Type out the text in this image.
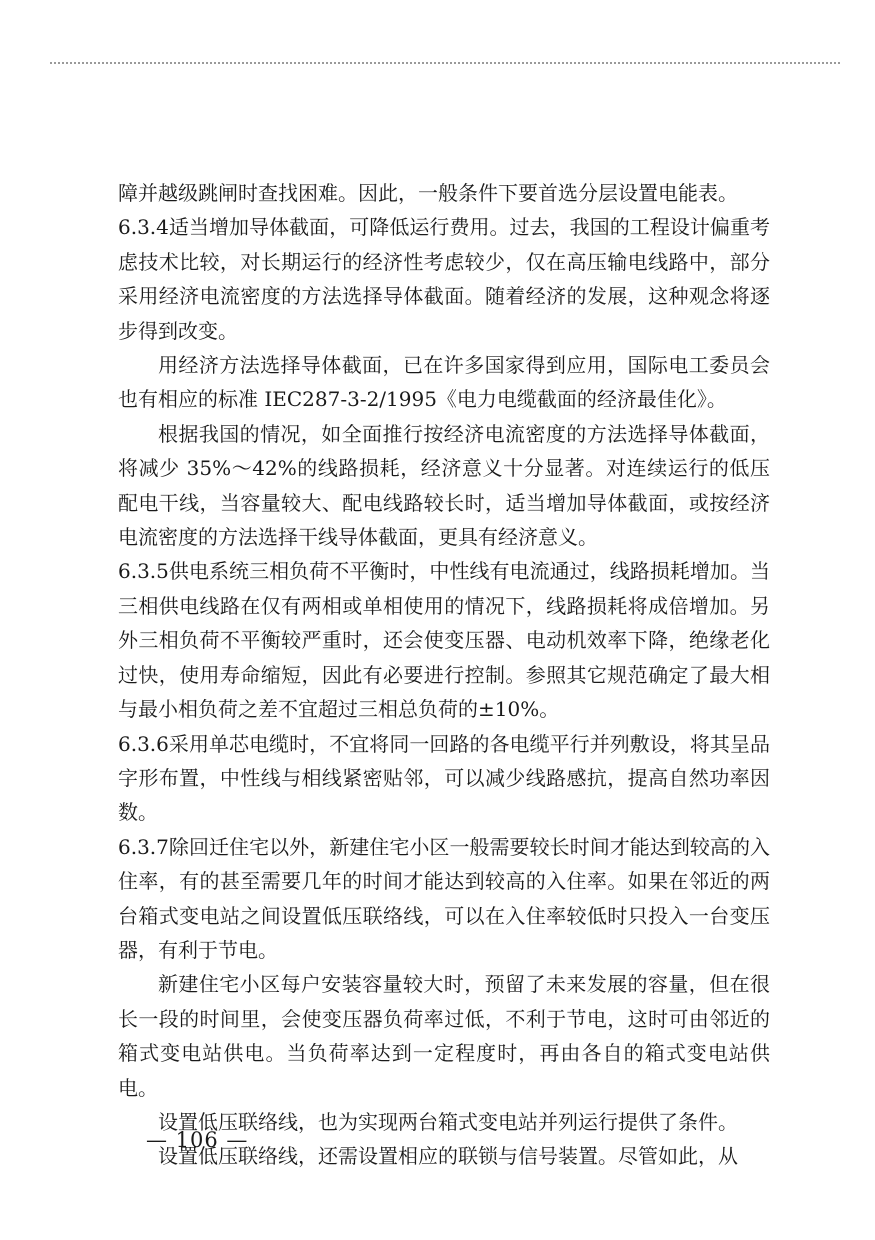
障并越级跳闸时查找困难。因此，一般条件下要首选分层设置电能表。

6.3.4适当增加导体截面，可降低运行费用。过去，我国的工程设计偏重考虑技术比较，对长期运行的经济性考虑较少，仅在高压输电线路中，部分采用经济电流密度的方法选择导体截面。随着经济的发展，这种观念将逐步得到改变。

用经济方法选择导体截面，已在许多国家得到应用，国际电工委员会也有相应的标准 IEC287-3-2/1995《电力电缆截面的经济最佳化》。

根据我国的情况，如全面推行按经济电流密度的方法选择导体截面，将减少 35%～42%的线路损耗，经济意义十分显著。对连续运行的低压配电干线，当容量较大、配电线路较长时，适当增加导体截面，或按经济电流密度的方法选择干线导体截面，更具有经济意义。

6.3.5供电系统三相负荷不平衡时，中性线有电流通过，线路损耗增加。当三相供电线路在仅有两相或单相使用的情况下，线路损耗将成倍增加。另外三相负荷不平衡较严重时，还会使变压器、电动机效率下降，绝缘老化过快，使用寿命缩短，因此有必要进行控制。参照其它规范确定了最大相与最小相负荷之差不宜超过三相总负荷的±10%。

6.3.6采用单芯电缆时，不宜将同一回路的各电缆平行并列敷设，将其呈品字形布置，中性线与相线紧密贴邻，可以减少线路感抗，提高自然功率因数。

6.3.7除回迁住宅以外，新建住宅小区一般需要较长时间才能达到较高的入住率，有的甚至需要几年的时间才能达到较高的入住率。如果在邻近的两台箱式变电站之间设置低压联络线，可以在入住率较低时只投入一台变压器，有利于节电。

新建住宅小区每户安装容量较大时，预留了未来发展的容量，但在很长一段的时间里，会使变压器负荷率过低，不利于节电，这时可由邻近的箱式变电站供电。当负荷率达到一定程度时，再由各自的箱式变电站供电。

设置低压联络线，也为实现两台箱式变电站并列运行提供了条件。

设置低压联络线，还需设置相应的联锁与信号装置。尽管如此，从

— 106 —
